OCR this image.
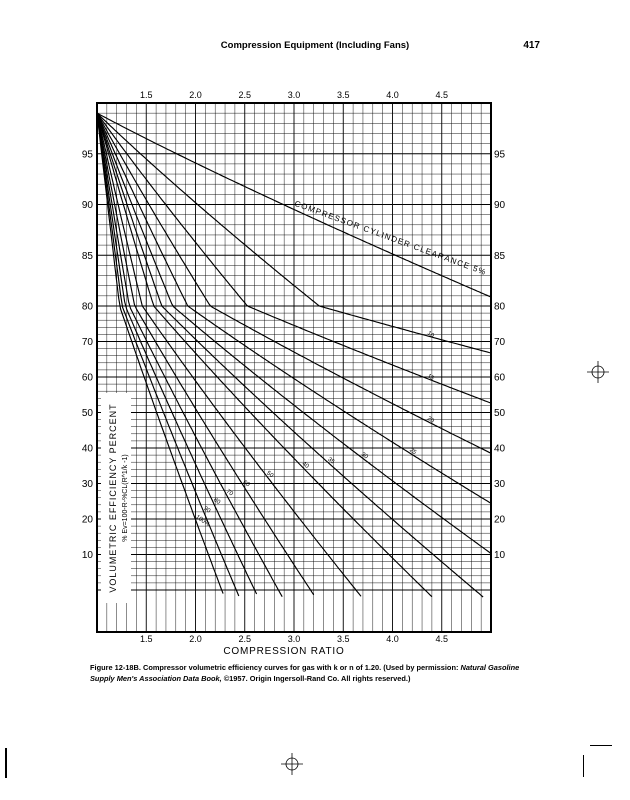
Compression Equipment (Including Fans)	417
1.5
1.5
2.0
2.0
2.5
2.5
3.0
3.0
3.5
3.5
4.0
4.0
4.5
4.5
95
90
85
80
70
60
50
40
30
20
10
95
90
85
80
70
60
50
40
30
20
10
10
15
20
25
30
35
40
50
60
70
80
90
100%
COMPRESSOR CYLINDER CLEARANCE 5%
COMPRESSION RATIO
VOLUMETRIC EFFICIENCY PERCENT % Ev=100-R-%CL(R^1/k -1)
Figure 12-18B. Compressor volumetric efficiency curves for gas with k or n of 1.20. (Used by permission: Natural Gasoline Supply Men's Association Data Book, ©1957. Origin Ingersoll-Rand Co. All rights reserved.)
